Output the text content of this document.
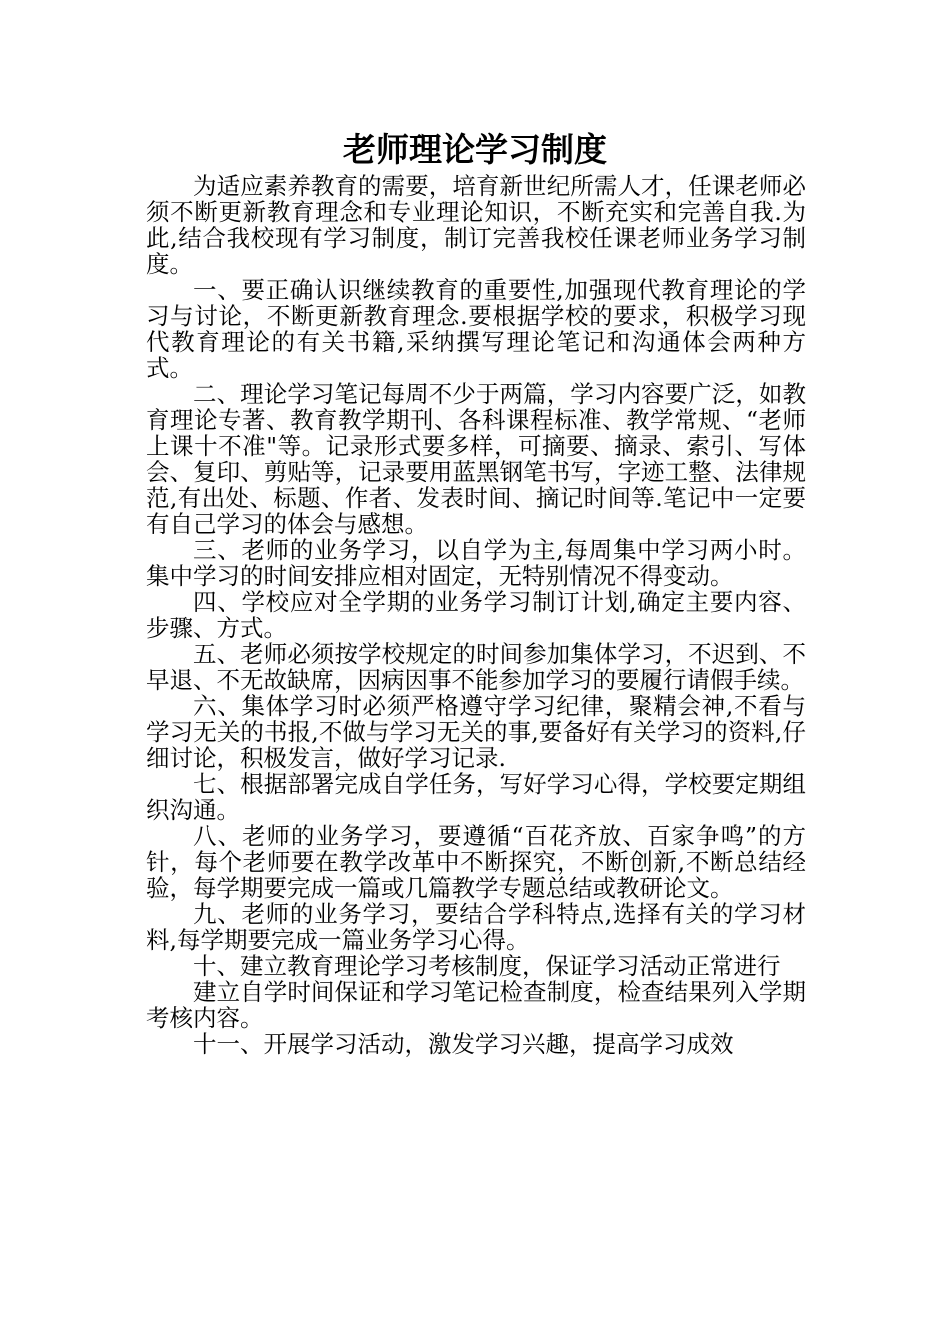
老师理论学习制度

为适应素养教育的需要，培育新世纪所需人才，任课老师必须不断更新教育理念和专业理论知识，不断充实和完善自我.为此,结合我校现有学习制度，制订完善我校任课老师业务学习制度。

一、要正确认识继续教育的重要性,加强现代教育理论的学习与讨论，不断更新教育理念.要根据学校的要求，积极学习现代教育理论的有关书籍,采纳撰写理论笔记和沟通体会两种方式。

二、理论学习笔记每周不少于两篇，学习内容要广泛，如教育理论专著、教育教学期刊、各科课程标准、教学常规、“老师上课十不准"等。记录形式要多样，可摘要、摘录、索引、写体会、复印、剪贴等，记录要用蓝黑钢笔书写，字迹工整、法律规范,有出处、标题、作者、发表时间、摘记时间等.笔记中一定要有自己学习的体会与感想。

三、老师的业务学习，以自学为主,每周集中学习两小时。集中学习的时间安排应相对固定，无特别情况不得变动。

四、学校应对全学期的业务学习制订计划,确定主要内容、步骤、方式。

五、老师必须按学校规定的时间参加集体学习，不迟到、不早退、不无故缺席，因病因事不能参加学习的要履行请假手续。

六、集体学习时必须严格遵守学习纪律，聚精会神,不看与学习无关的书报,不做与学习无关的事,要备好有关学习的资料,仔细讨论，积极发言，做好学习记录.

七、根据部署完成自学任务，写好学习心得，学校要定期组织沟通。

八、老师的业务学习，要遵循“百花齐放、百家争鸣”的方针，每个老师要在教学改革中不断探究，不断创新,不断总结经验，每学期要完成一篇或几篇教学专题总结或教研论文。

九、老师的业务学习，要结合学科特点,选择有关的学习材料,每学期要完成一篇业务学习心得。

十、建立教育理论学习考核制度，保证学习活动正常进行

建立自学时间保证和学习笔记检查制度，检查结果列入学期考核内容。

十一、开展学习活动，激发学习兴趣，提高学习成效
